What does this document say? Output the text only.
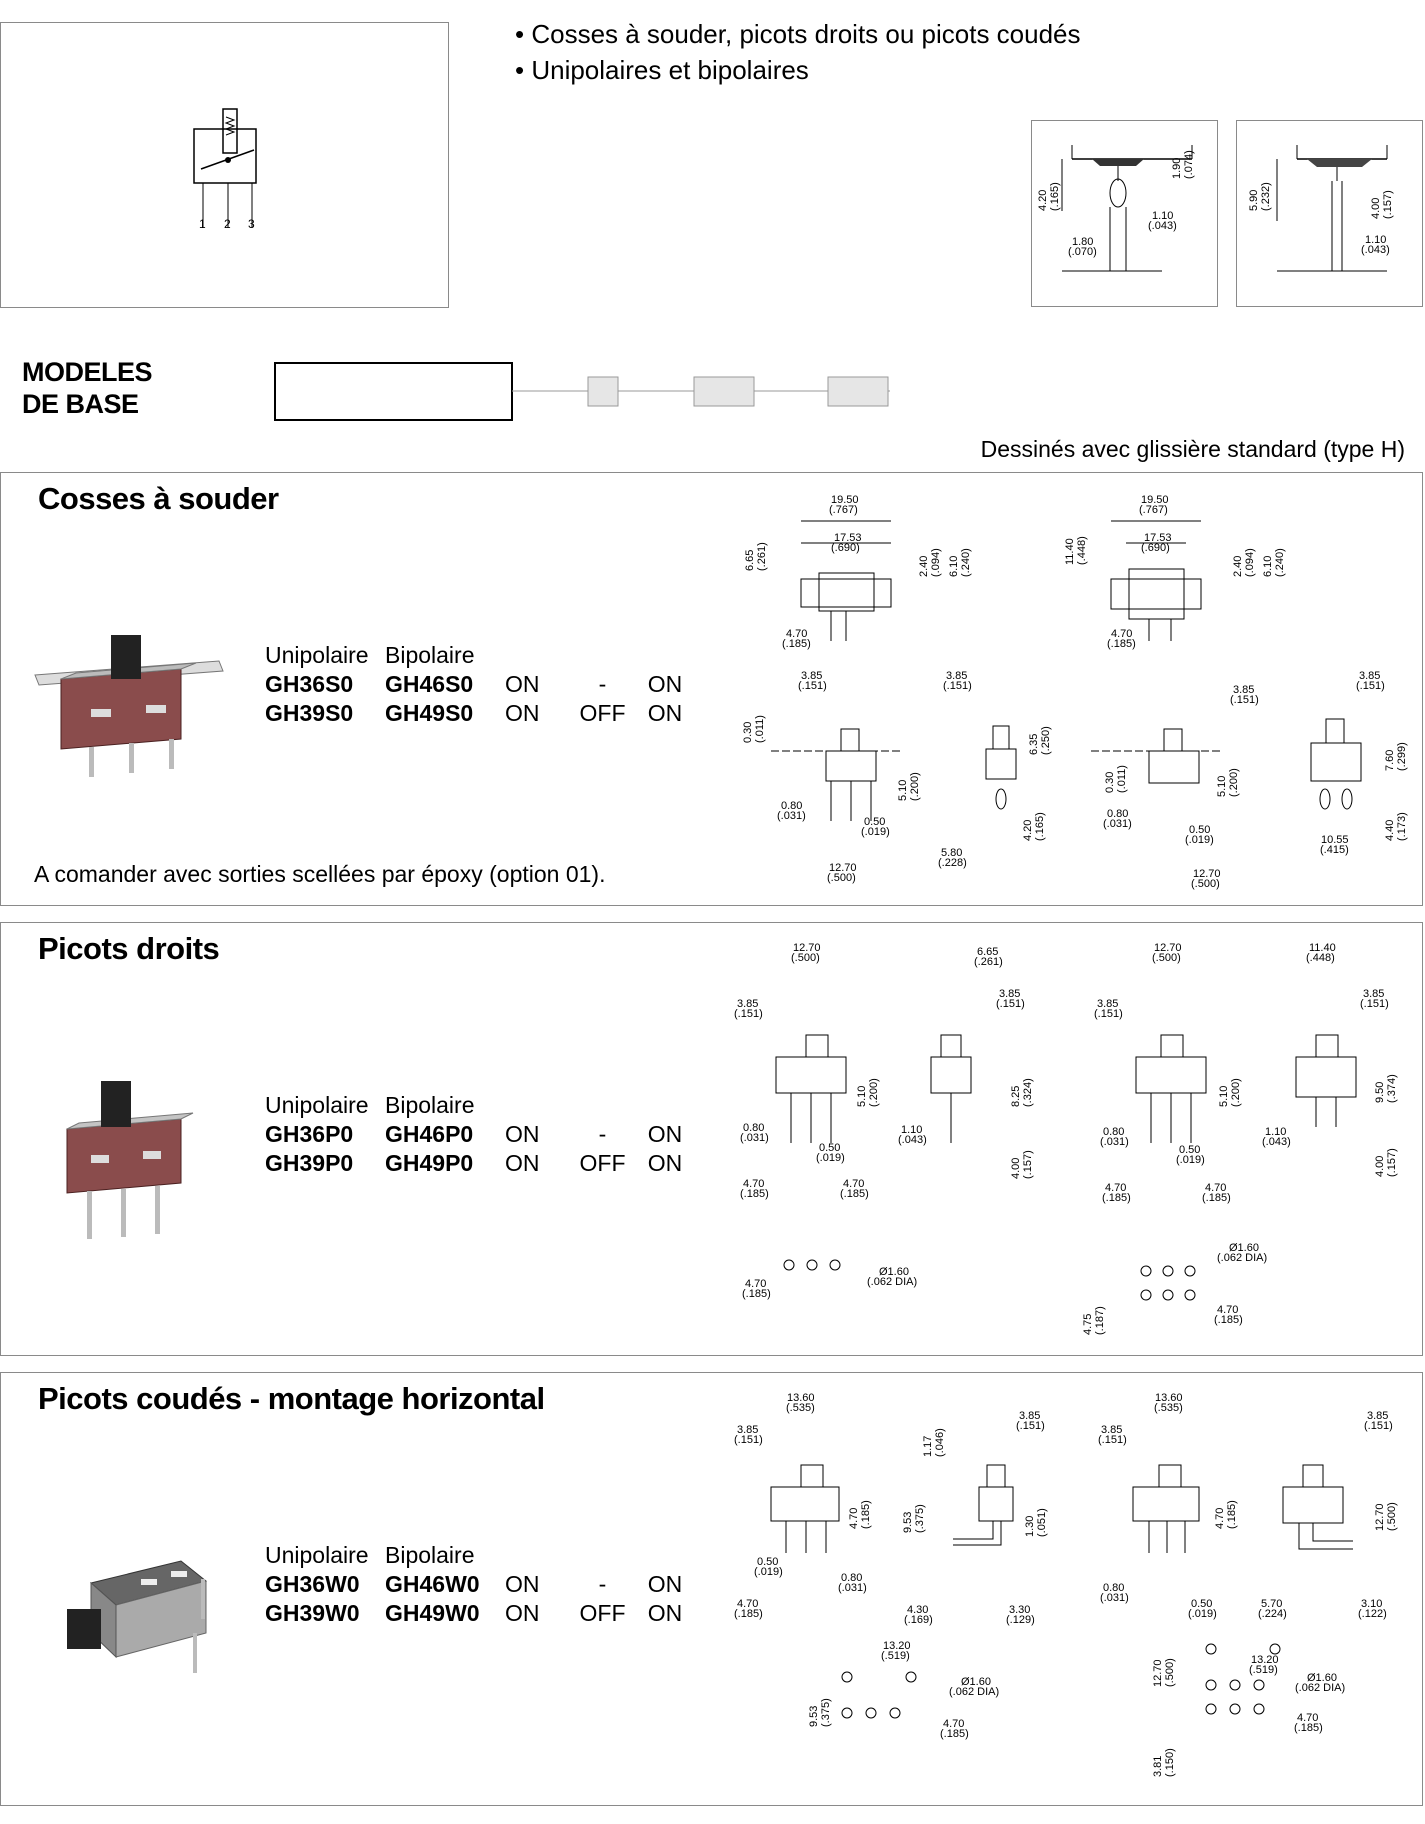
1 2 3
• Cosses à souder, picots droits ou picots coudés
• Unipolaires et bipolaires
4.20 (.165)
1.90 (.074)
1.10
(.043)
1.80
(.070)
5.90 (.232)	4.00 (.157)
1.10
(.043)
MODELES
DE BASE
Dessinés avec glissière standard (type H)
Cosses à souder
Unipolaire Bipolaire
GH36S0	GH46S0	ON	-	ON
GH39S0	GH49S0	ON	OFF ON
A comander avec sorties scellées par époxy (option 01).
19.50
(.767)
17.53
(.690)
6.65 (.261)	2.40 (.094) 6.10 (.240)
4.70
(.185)
19.50
(.767)
17.53
(.690)
11.40 (.448)
2.40 (.094) 6.10 (.240)
4.70
(.185)
3.85
(.151)
0.30 (.011)
5.10 (.200)
0.80
(.031)	0.50
(.019)
12.70
(.500)
3.85
(.151)
6.35 (.250)
4.20 (.165)
5.80
(.228)
3.85
(.151)
0.30 (.011)	5.10 (.200)
0.80
(.031)	0.50
(.019)
12.70
(.500)
3.85
(.151)
7.60 (.299)
4.40 (.173)
10.55
(.415)
Picots droits
Unipolaire Bipolaire
GH36P0	GH46P0	ON	-	ON
GH39P0	GH49P0	ON	OFF ON
12.70
(.500)
3.85
(.151)
5.10 (.200)
0.80
(.031)
0.50
(.019)
4.70
(.185)
4.70
(.185)
6.65
(.261)
3.85
(.151)
8.25 (.324)
1.10
(.043)
4.00 (.157)
12.70
(.500)
3.85
(.151)
5.10 (.200)
0.80
(.031)
0.50
(.019)
4.70
(.185)
4.70
(.185)
11.40
(.448)
3.85
(.151)
9.50 (.374)
1.10
(.043)
4.00 (.157)
4.70
(.185)
Ø1.60
(.062 DIA)
Ø1.60
(.062 DIA)
4.70
(.185)
4.75 (.187)
Picots coudés - montage horizontal
Unipolaire Bipolaire
GH36W0	GH46W0	ON	-	ON
GH39W0	GH49W0	ON	OFF ON
13.60
(.535)
3.85
(.151)
4.70 (.185)
0.50
(.019)	0.80
(.031)
4.70
(.185)
3.85
(.151)
1.17 (.046)
9.53 (.375)	1.30 (.051)
4.30
(.169)
3.30
(.129)
13.60
(.535)
3.85
(.151)
4.70 (.185)
0.80
(.031)	0.50
(.019)
3.85
(.151)
12.70 (.500)
5.70
(.224)
3.10
(.122)
13.20
(.519)
9.53 (.375)
Ø1.60
(.062 DIA)
4.70
(.185)
13.20
(.519)
12.70 (.500)	Ø1.60
(.062 DIA)
4.70
(.185)
3.81 (.150)
